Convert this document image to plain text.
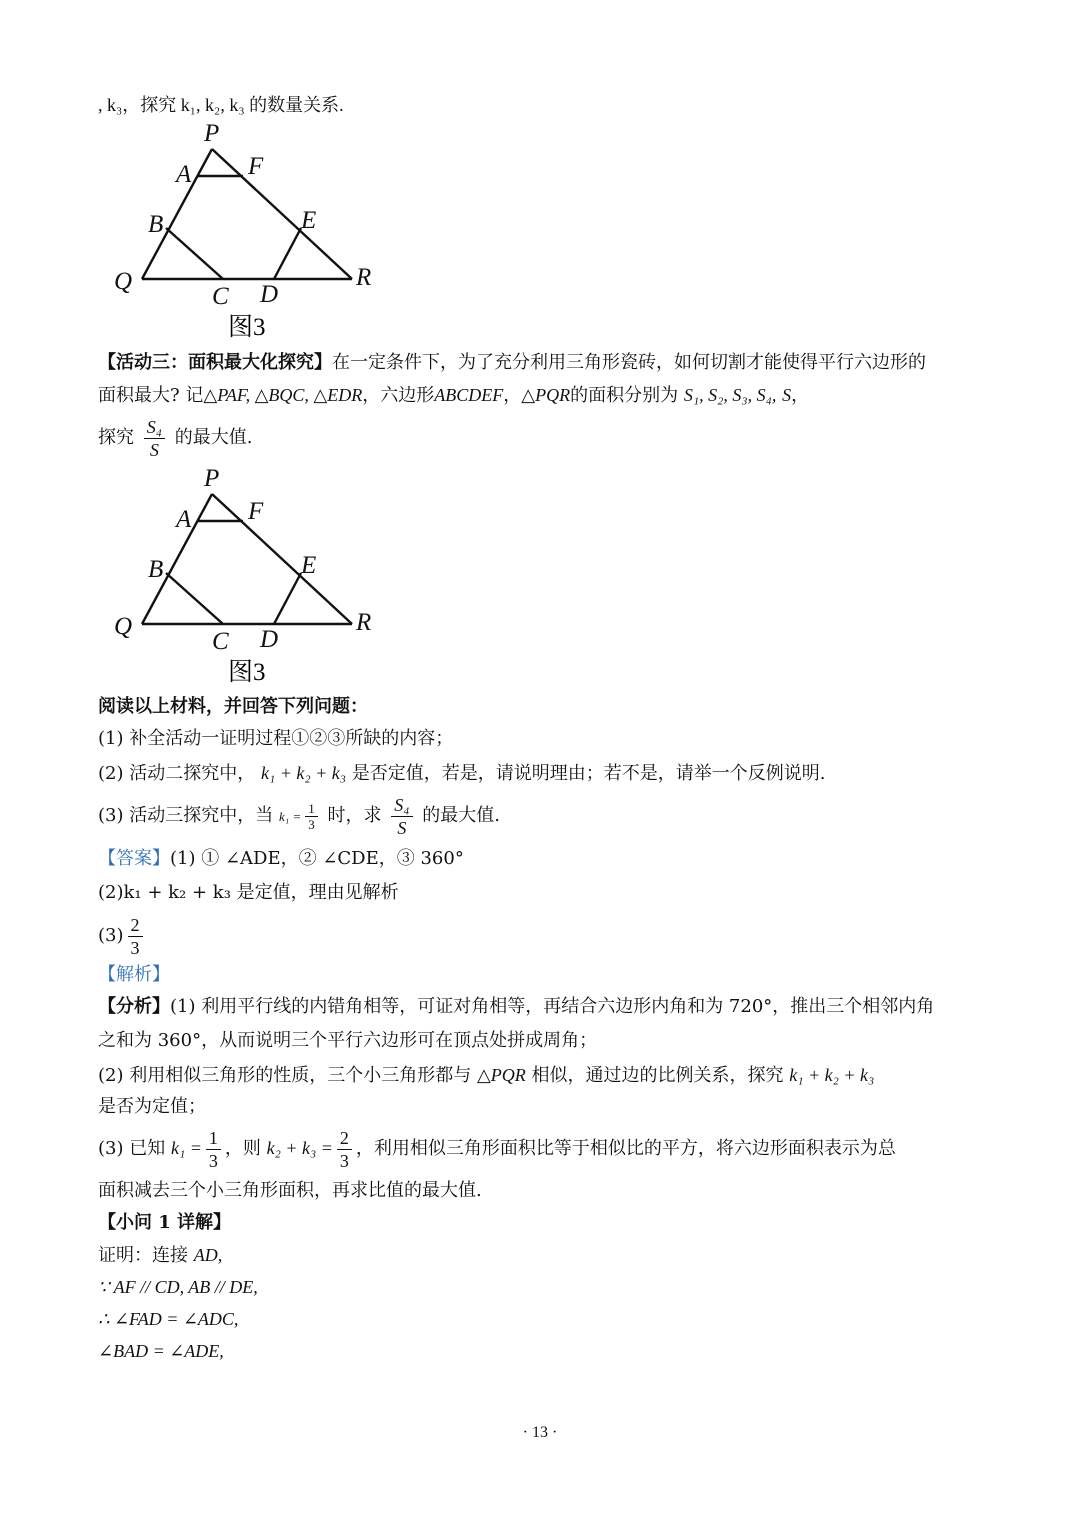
, k₃，探究 k₁, k₂, k₃ 的数量关系.
P
A F
B	E
Q
C D
R
图3
【活动三：面积最大化探究】在一定条件下，为了充分利用三角形瓷砖，如何切割才能使得平行六边形的
面积最大? 记△PAF, △BQC, △EDR，六边形ABCDEF，△PQR的面积分别为 S₁, S₂, S₃, S₄, S，
探究 $\frac{\text{S₄}}{S}$ 的最大值.
P
A F
B	E
Q
C D
R
图3
阅读以上材料，并回答下列问题：
(1) 补全活动一证明过程①②③所缺的内容；
(2) 活动二探究中， k₁ + k₂ + k₃ 是否定值，若是，请说明理由；若不是，请举一个反例说明.
(3) 活动三探究中，当 $k_1 = \frac{1}{3}$ 时，求 $\frac{\text{S₄}}{S}$ 的最大值.
【答案】(1) ① ∠ADE，② ∠CDE，③ 360°
(2)k₁ + k₂ + k₃ 是定值，理由见解析
$(3) \frac{2}{3}$
【解析】
【分析】(1) 利用平行线的内错角相等，可证对角相等，再结合六边形内角和为 720°，推出三个相邻内角
之和为 360°，从而说明三个平行六边形可在顶点处拼成周角；
(2) 利用相似三角形的性质，三个小三角形都与 △PQR 相似，通过边的比例关系，探究 k₁ + k₂ + k₃
是否为定值；
(3) 已知 $k_1 = \frac{1}{3}$ ，则 $k_2 + k_3 = \frac{2}{3}$ ，利用相似三角形面积比等于相似比的平方，将六边形面积表示为总
面积减去三个小三角形面积，再求比值的最大值.
【小问 1 详解】
证明：连接 AD,
∵ AF // CD, AB // DE,
∴ ∠FAD = ∠ADC,
∠BAD = ∠ADE,
· 13 ·
